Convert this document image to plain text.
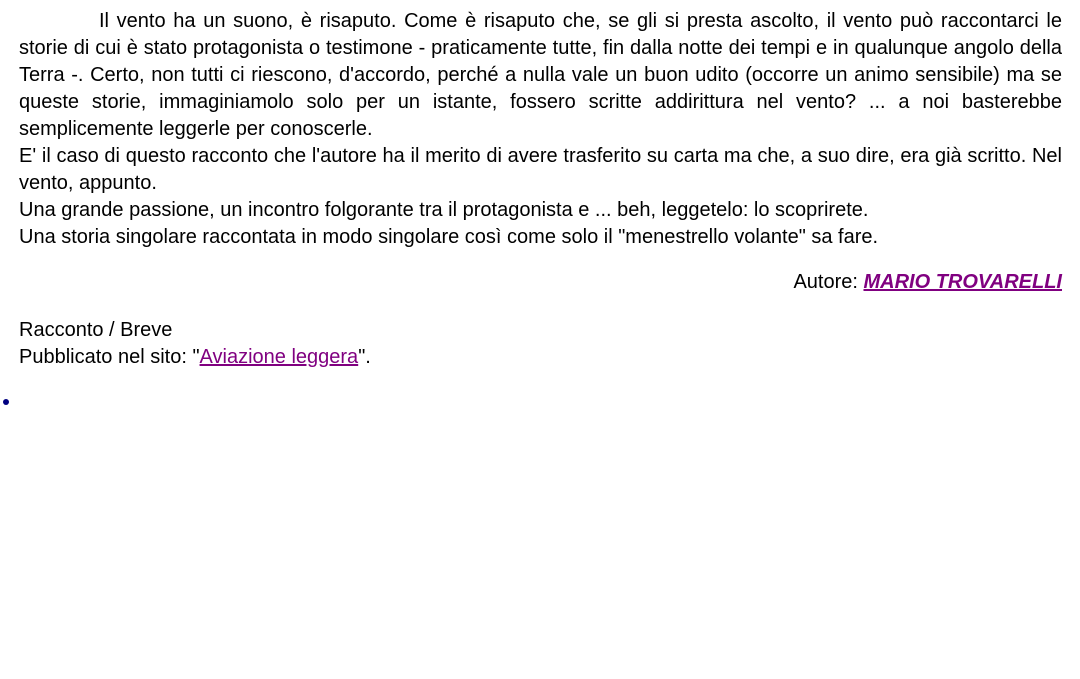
Il vento ha un suono, è risaputo. Come è risaputo che, se gli si presta ascolto, il vento può raccontarci le storie di cui è stato protagonista o testimone - praticamente tutte, fin dalla notte dei tempi e in qualunque angolo della Terra -. Certo, non tutti ci riescono, d'accordo, perché a nulla vale un buon udito (occorre un animo sensibile) ma se queste storie, immaginiamolo solo per un istante, fossero scritte addirittura nel vento? ... a noi basterebbe semplicemente leggerle per conoscerle.

E' il caso di questo racconto che l'autore ha il merito di avere trasferito su carta ma che, a suo dire, era già scritto. Nel vento, appunto.

Una grande passione, un incontro folgorante tra il protagonista e ... beh, leggetelo: lo scoprirete.

Una storia singolare raccontata in modo singolare così come solo il "menestrello volante" sa fare.

Autore: MARIO TROVARELLI
Racconto / Breve
Pubblicato nel sito: "Aviazione leggera".
